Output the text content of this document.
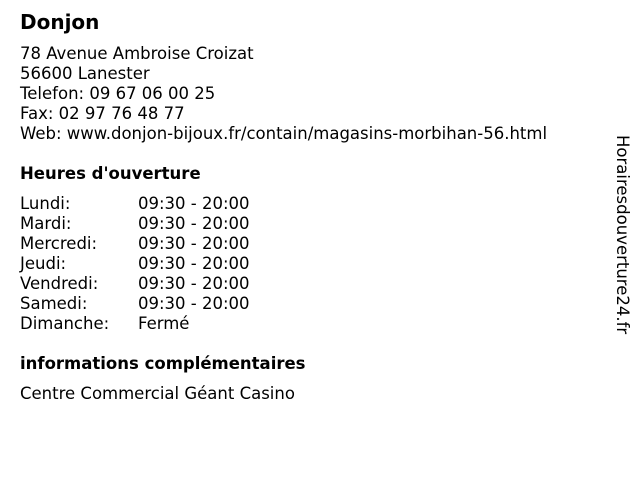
Donjon
78 Avenue Ambroise Croizat
56600 Lanester
Telefon: 09 67 06 00 25
Fax: 02 97 76 48 77
Web: www.donjon-bijoux.fr/contain/magasins-morbihan-56.html
Heures d'ouverture
Lundi:	09:30 - 20:00
Mardi:	09:30 - 20:00
Mercredi: 09:30 - 20:00
Jeudi:	09:30 - 20:00
Vendredi: 09:30 - 20:00
Samedi:	09:30 - 20:00
Dimanche: Fermé
informations complémentaires
Centre Commercial Géant Casino
Horairesdouverture24.fr
